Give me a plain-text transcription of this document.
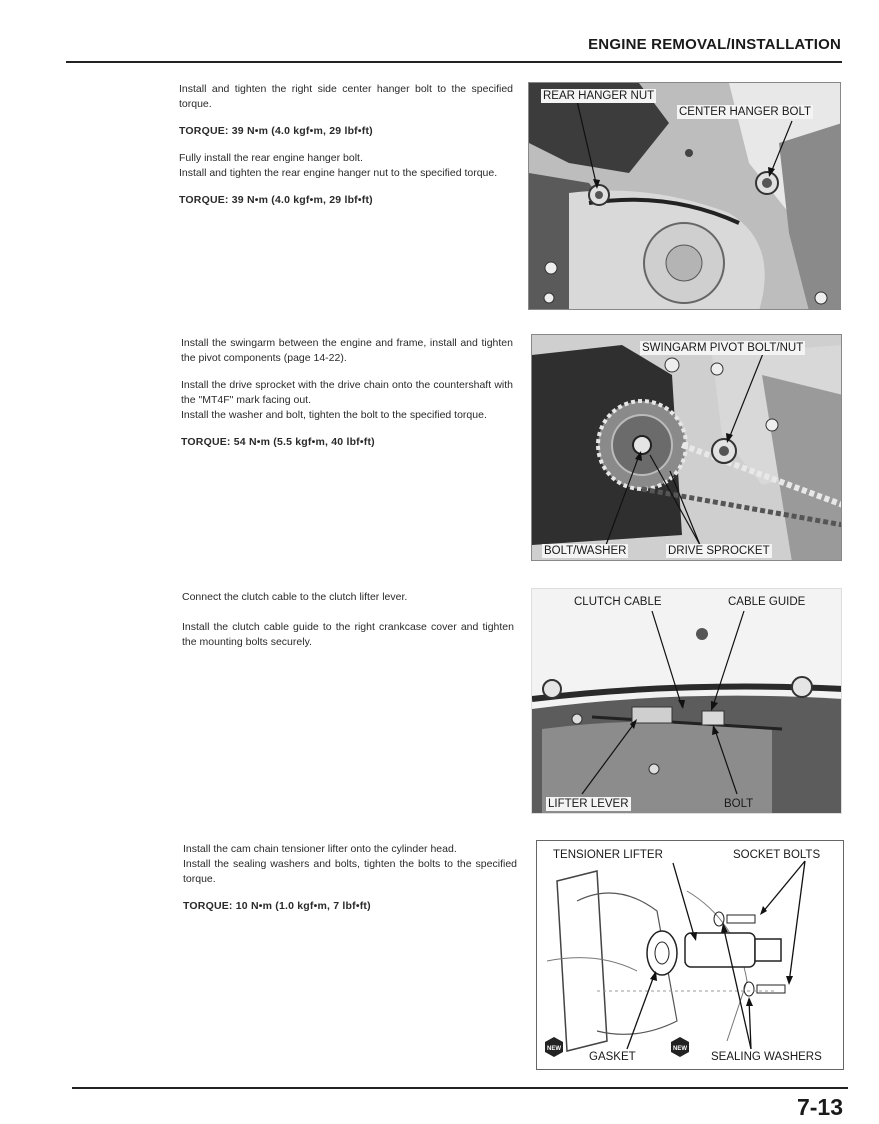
ENGINE REMOVAL/INSTALLATION

Install and tighten the right side center hanger bolt to the specified torque.

TORQUE: 39 N•m (4.0 kgf•m, 29 lbf•ft)

Fully install the rear engine hanger bolt.

Install and tighten the rear engine hanger nut to the specified torque.

TORQUE: 39 N•m (4.0 kgf•m, 29 lbf•ft)

REAR HANGER NUT
CENTER HANGER BOLT

Install the swingarm between the engine and frame, install and tighten the pivot components (page 14-22).

Install the drive sprocket with the drive chain onto the countershaft with the "MT4F" mark facing out.

Install the washer and bolt, tighten the bolt to the specified torque.

TORQUE: 54 N•m (5.5 kgf•m, 40 lbf•ft)

SWINGARM PIVOT BOLT/NUT
BOLT/WASHER	DRIVE SPROCKET

Connect the clutch cable to the clutch lifter lever.

Install the clutch cable guide to the right crankcase cover and tighten the mounting bolts securely.

CLUTCH CABLE	CABLE GUIDE
LIFTER LEVER	BOLT

Install the cam chain tensioner lifter onto the cylinder head.

Install the sealing washers and bolts, tighten the bolts to the specified torque.

TORQUE: 10 N•m (1.0 kgf•m, 7 lbf•ft)

TENSIONER LIFTER	SOCKET BOLTS
NEW
GASKET
NEW
SEALING WASHERS
7-13
